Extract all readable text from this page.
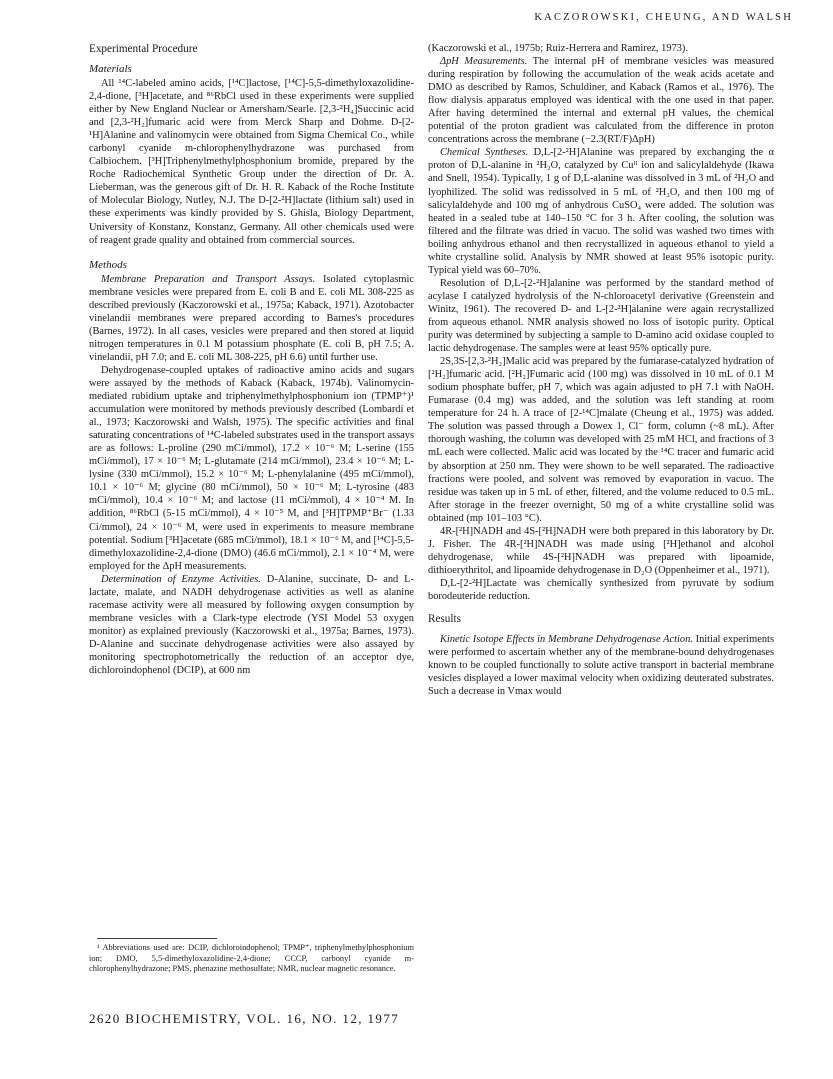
KACZOROWSKI, CHEUNG, AND WALSH
Experimental Procedure
Materials

All ¹⁴C-labeled amino acids, [¹⁴C]lactose, [¹⁴C]-5,5-dimethyloxazolidine-2,4-dione, [³H]acetate, and ⁸⁶RbCl used in these experiments were supplied either by New England Nuclear or Amersham/Searle. [2,3-²H₄]Succinic acid and [2,3-²H₂]fumaric acid were from Merck Sharp and Dohme. D-[2-¹H]Alanine and valinomycin were obtained from Sigma Chemical Co., while carbonyl cyanide m-chlorophenylhydrazone was purchased from Calbiochem. [³H]Triphenylmethylphosphonium bromide, prepared by the Roche Radiochemical Synthetic Group under the direction of Dr. A. Lieberman, was the generous gift of Dr. H. R. Kaback of the Roche Institute of Molecular Biology, Nutley, N.J. The D-[2-²H]lactate (lithium salt) used in these experiments was kindly provided by S. Ghisla, Biology Department, University of Konstanz, Konstanz, Germany. All other chemicals used were of reagent grade quality and obtained from commercial sources.

Methods

Membrane Preparation and Transport Assays. Isolated cytoplasmic membrane vesicles were prepared from E. coli B and E. coli ML 308-225 as described previously (Kaczorowski et al., 1975a; Kaback, 1971). Azotobacter vinelandii membranes were prepared according to Barnes's procedures (Barnes, 1972). In all cases, vesicles were prepared and then stored at liquid nitrogen temperatures in 0.1 M potassium phosphate (E. coli B, pH 7.5; A. vinelandii, pH 7.0; and E. coli ML 308-225, pH 6.6) until further use.

Dehydrogenase-coupled uptakes of radioactive amino acids and sugars were assayed by the methods of Kaback (Kaback, 1974b). Valinomycin-mediated rubidium uptake and triphenylmethylphosphonium ion (TPMP⁺)¹ accumulation were monitored by methods previously described (Lombardi et al., 1973; Kaczorowski and Walsh, 1975). The specific activities and final saturating concentrations of ¹⁴C-labeled substrates used in the transport assays are as follows: L-proline (290 mCi/mmol), 17.2 × 10⁻⁶ M; L-serine (155 mCi/mmol), 17 × 10⁻⁶ M; L-glutamate (214 mCi/mmol), 23.4 × 10⁻⁶ M; L-lysine (330 mCi/mmol), 15.2 × 10⁻⁶ M; L-phenylalanine (495 mCi/mmol), 10.1 × 10⁻⁶ M; glycine (80 mCi/mmol), 50 × 10⁻⁶ M; L-tyrosine (483 mCi/mmol), 10.4 × 10⁻⁶ M; and lactose (11 mCi/mmol), 4 × 10⁻⁴ M. In addition, ⁸⁶RbCl (5-15 mCi/mmol), 4 × 10⁻⁵ M, and [³H]TPMP⁺Br⁻ (1.33 Ci/mmol), 24 × 10⁻⁶ M, were used in experiments to measure membrane potential. Sodium [³H]acetate (685 mCi/mmol), 18.1 × 10⁻⁶ M, and [¹⁴C]-5,5-dimethyloxazolidine-2,4-dione (DMO) (46.6 mCi/mmol), 2.1 × 10⁻⁴ M, were employed for the ΔpH measurements.

Determination of Enzyme Activities. D-Alanine, succinate, D- and L-lactate, malate, and NADH dehydrogenase activities as well as alanine racemase activity were all measured by following oxygen consumption by membrane vesicles with a Clark-type electrode (YSI Model 53 oxygen monitor) as explained previously (Kaczorowski et al., 1975a; Barnes, 1973). D-Alanine and succinate dehydrogenase activities were also assayed by monitoring spectrophotometrically the reduction of an acceptor dye, dichloroindophenol (DCIP), at 600 nm

(Kaczorowski et al., 1975b; Ruiz-Herrera and Ramirez, 1973).

ΔpH Measurements. The internal pH of membrane vesicles was measured during respiration by following the accumulation of the weak acids acetate and DMO as described by Ramos, Schuldiner, and Kaback (Ramos et al., 1976). The flow dialysis apparatus employed was identical with the one used in that paper. After having determined the internal and external pH values, the chemical potential of the proton gradient was calculated from the difference in proton concentrations across the membrane (−2.3(RT/F)ΔpH)

Chemical Syntheses. D,L-[2-²H]Alanine was prepared by exchanging the α proton of D,L-alanine in ²H₂O, catalyzed by Cuᴵᴵ ion and salicylaldehyde (Ikawa and Snell, 1954). Typically, 1 g of D,L-alanine was dissolved in 3 mL of ²H₂O and lyophilized. The solid was redissolved in 5 mL of ²H₂O, and then 100 mg of salicylaldehyde and 100 mg of anhydrous CuSO₄ were added. The solution was heated in a sealed tube at 140–150 °C for 3 h. After cooling, the solution was filtered and the filtrate was dried in vacuo. The solid was washed two times with boiling anhydrous ethanol and then recrystallized in aqueous ethanol to yield a white crystalline solid. Analysis by NMR showed at least 95% isotopic purity. Typical yield was 60–70%.

Resolution of D,L-[2-²H]alanine was performed by the standard method of acylase I catalyzed hydrolysis of the N-chloroacetyl derivative (Greenstein and Winitz, 1961). The recovered D- and L-[2-²H]alanine were again recrystallized from aqueous ethanol. NMR analysis showed no loss of isotopic purity. Optical purity was determined by subjecting a sample to D-amino acid oxidase coupled to lactic dehydrogenase. The samples were at least 95% optically pure.

2S,3S-[2,3-²H₂]Malic acid was prepared by the fumarase-catalyzed hydration of [²H₂]fumaric acid. [²H₂]Fumaric acid (100 mg) was dissolved in 10 mL of 0.1 M sodium phosphate buffer, pH 7, which was again adjusted to pH 7.1 with NaOH. Fumarase (0.4 mg) was added, and the solution was left standing at room temperature for 24 h. A trace of [2-¹⁴C]malate (Cheung et al., 1975) was added. The solution was passed through a Dowex 1, Cl⁻ form, column (~8 mL). After thorough washing, the column was developed with 25 mM HCl, and fractions of 3 mL each were collected. Malic acid was located by the ¹⁴C tracer and fumaric acid by absorption at 250 nm. They were shown to be well separated. The radioactive fractions were pooled, and solvent was removed by evaporation in vacuo. The residue was taken up in 5 mL of ether, filtered, and the volume reduced to 0.5 mL. After storage in the freezer overnight, 50 mg of a white crystalline solid was obtained (mp 101–103 °C).

4R-[²H]NADH and 4S-[²H]NADH were both prepared in this laboratory by Dr. J. Fisher. The 4R-[²H]NADH was made using [²H]ethanol and alcohol dehydrogenase, while 4S-[²H]NADH was prepared with lipoamide, dithioerythritol, and lipoamide dehydrogenase in D₂O (Oppenheimer et al., 1971).

D,L-[2-²H]Lactate was chemically synthesized from pyruvate by sodium borodeuteride reduction.

Results

Kinetic Isotope Effects in Membrane Dehydrogenase Action. Initial experiments were performed to ascertain whether any of the membrane-bound dehydrogenases known to be coupled functionally to solute active transport in bacterial membrane vesicles displayed a lower maximal velocity when oxidizing deuterated substrates. Such a decrease in Vmax would

¹ Abbreviations used are: DCIP, dichloroindophenol; TPMP⁺, triphenylmethylphosphonium ion; DMO, 5,5-dimethyloxazolidine-2,4-dione; CCCP, carbonyl cyanide m-chlorophenylhydrazone; PMS, phenazine methosulfate; NMR, nuclear magnetic resonance.

2620 BIOCHEMISTRY, VOL. 16, NO. 12, 1977
